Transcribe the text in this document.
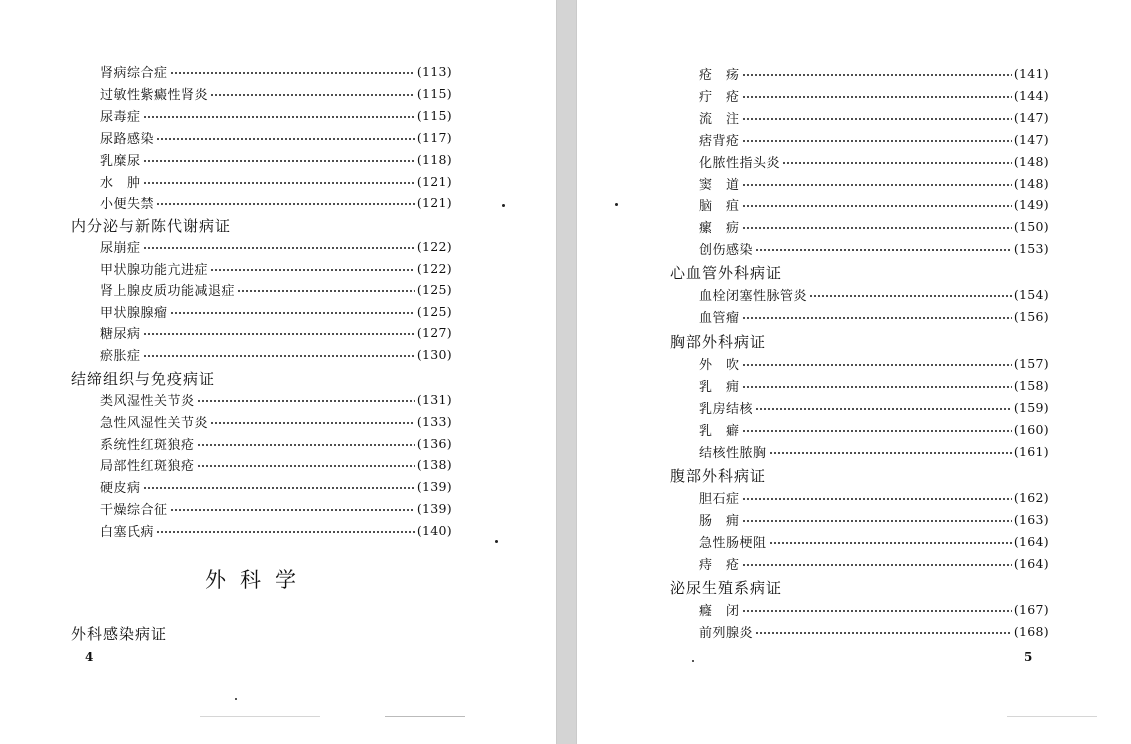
肾病综合症	(113)
过敏性紫癜性肾炎	(115)
尿毒症	(115)
尿路感染	(117)
乳糜尿	(118)
水　肿	(121)
小便失禁	(121)
内分泌与新陈代谢病证
尿崩症	(122)
甲状腺功能亢进症	(122)
肾上腺皮质功能减退症	(125)
甲状腺腺瘤	(125)
糖尿病	(127)
瘀胀症	(130)
结缔组织与免疫病证
类风湿性关节炎	(131)
急性风湿性关节炎	(133)
系统性红斑狼疮	(136)
局部性红斑狼疮	(138)
硬皮病	(139)
干燥综合征	(139)
白塞氏病	(140)
外科学
外科感染病证
4
疮　疡	(141)
疔　疮	(144)
流　注	(147)
痞背疮	(147)
化脓性指头炎	(148)
窦　道	(148)
脑　疽	(149)
瘰　疬	(150)
创伤感染	(153)
心血管外科病证
血栓闭塞性脉管炎	(154)
血管瘤	(156)
胸部外科病证
外　吹	(157)
乳　痈	(158)
乳房结核	(159)
乳　癖	(160)
结核性脓胸	(161)
腹部外科病证
胆石症	(162)
肠　痈	(163)
急性肠梗阻	(164)
痔　疮	(164)
泌尿生殖系病证
癃　闭	(167)
前列腺炎	(168)
5
